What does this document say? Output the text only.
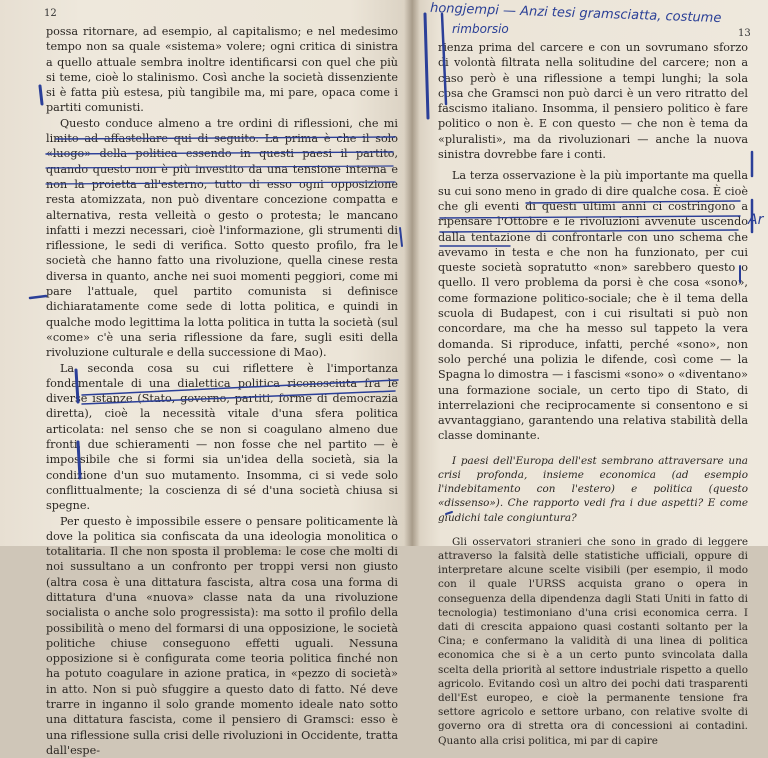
12

possa ritornare, ad esempio, al capitalismo; e nel medesimo tempo non sa quale «sistema» volere; ogni critica di sinistra a quello attuale sembra inoltre identificarsi con quel che più si teme, cioè lo stalinismo. Così anche la società dissenziente si è fatta più estesa, più tangibile ma, mi pare, opaca come i partiti comunisti.

Questo conduce almeno a tre ordini di riflessioni, che mi limito ad affastellare qui di seguito. La prima è che il solo «luogo» della politica essendo in questi paesi il partito, quando questo non è più investito da una tensione interna e non la proietta all'esterno, tutto di esso ogni opposizione resta atomizzata, non può diventare concezione compatta e alternativa, resta velleità o gesto o protesta; le mancano infatti i mezzi necessari, cioè l'informazione, gli strumenti di riflessione, le sedi di verifica. Sotto questo profilo, fra le società che hanno fatto una rivoluzione, quella cinese resta diversa in quanto, anche nei suoi momenti peggiori, come mi pare l'attuale, quel partito comunista si definisce dichiaratamente come sede di lotta politica, e quindi in qualche modo legittima la lotta politica in tutta la società (sul «come» c'è una seria riflessione da fare, sugli esiti della rivoluzione culturale e della successione di Mao).

La seconda cosa su cui riflettere è l'importanza fondamentale di una dialettica politica riconosciuta fra le diverse istanze (Stato, governo, partiti, forme di democrazia diretta), cioè la necessità vitale d'una sfera politica articolata: nel senso che se non si coagulano almeno due fronti, due schieramenti — non fosse che nel partito — è impossibile che si formi sia un'idea della società, sia la condizione d'un suo mutamento. Insomma, ci si vede solo conflittualmente; la coscienza di sé d'una società chiusa si spegne.

Per questo è impossibile essere o pensare politicamente là dove la politica sia confiscata da una ideologia monolitica o totalitaria. Il che non sposta il problema: le cose che molti di noi sussultano a un confronto per troppi versi non giusto (altra cosa è una dittatura fascista, altra cosa una forma di dittatura d'una «nuova» classe nata da una rivoluzione socialista o anche solo progressista): ma sotto il profilo della possibilità o meno del formarsi di una opposizione, le società politiche chiuse conseguono effetti uguali. Nessuna opposizione si è configurata come teoria politica finché non ha potuto coagulare in azione pratica, in «pezzo di società» in atto. Non si può sfuggire a questo dato di fatto. Né deve trarre in inganno il solo grande momento ideale nato sotto una dittatura fascista, come il pensiero di Gramsci: esso è una riflessione sulla crisi delle rivoluzioni in Occidente, tratta dall'espe-

13

rienza prima del carcere e con un sovrumano sforzo di volontà filtrata nella solitudine del carcere; non a caso però è una riflessione a tempi lunghi; la sola cosa che Gramsci non può darci è un vero ritratto del fascismo italiano. Insomma, il pensiero politico è fare politico o non è. E con questo — che non è tema da «pluralisti», ma da rivoluzionari — anche la nuova sinistra dovrebbe fare i conti.

La terza osservazione è la più importante ma quella su cui sono meno in grado di dire qualche cosa. È cioè che gli eventi di questi ultimi anni ci costringono a ripensare l'Ottobre e le rivoluzioni avvenute uscendo dalla tentazione di confrontarle con uno schema che avevamo in testa e che non ha funzionato, per cui queste società sopratutto «non» sarebbero questo o quello. Il vero problema da porsi è che cosa «sono», come formazione politico-sociale; che è il tema della scuola di Budapest, con i cui risultati si può non concordare, ma che ha messo sul tappeto la vera domanda. Si riproduce, infatti, perché «sono», non solo perché una polizia le difende, così come — la Spagna lo dimostra — i fascismi «sono» o «diventano» una formazione sociale, un certo tipo di Stato, di interrelazioni che reciprocamente si consentono e si avvantaggiano, garantendo una relativa stabilità della classe dominante.

I paesi dell'Europa dell'est sembrano attraversare una crisi profonda, insieme economica (ad esempio l'indebitamento con l'estero) e politica (questo «dissenso»). Che rapporto vedi fra i due aspetti? E come giudichi tale congiuntura?

Gli osservatori stranieri che sono in grado di leggere attraverso la falsità delle statistiche ufficiali, oppure di interpretare alcune scelte visibili (per esempio, il modo con il quale l'URSS acquista grano o opera in conseguenza della dipendenza dagli Stati Uniti in fatto di tecnologia) testimoniano d'una crisi economica cerra. I dati di crescita appaiono quasi costanti soltanto per la Cina; e confermano la validità di una linea di politica economica che si è a un certo punto svincolata dalla scelta della priorità al settore industriale rispetto a quello agricolo. Evitando così un altro dei pochi dati trasparenti dell'Est europeo, e cioè la permanente tensione fra settore agricolo e settore urbano, con relative svolte di governo ora di stretta ora di concessioni ai contadini. Quanto alla crisi politica, mi par di capire

hongjempi — Anzi tesi gramsciatta, costume
rimborsio
Ar
